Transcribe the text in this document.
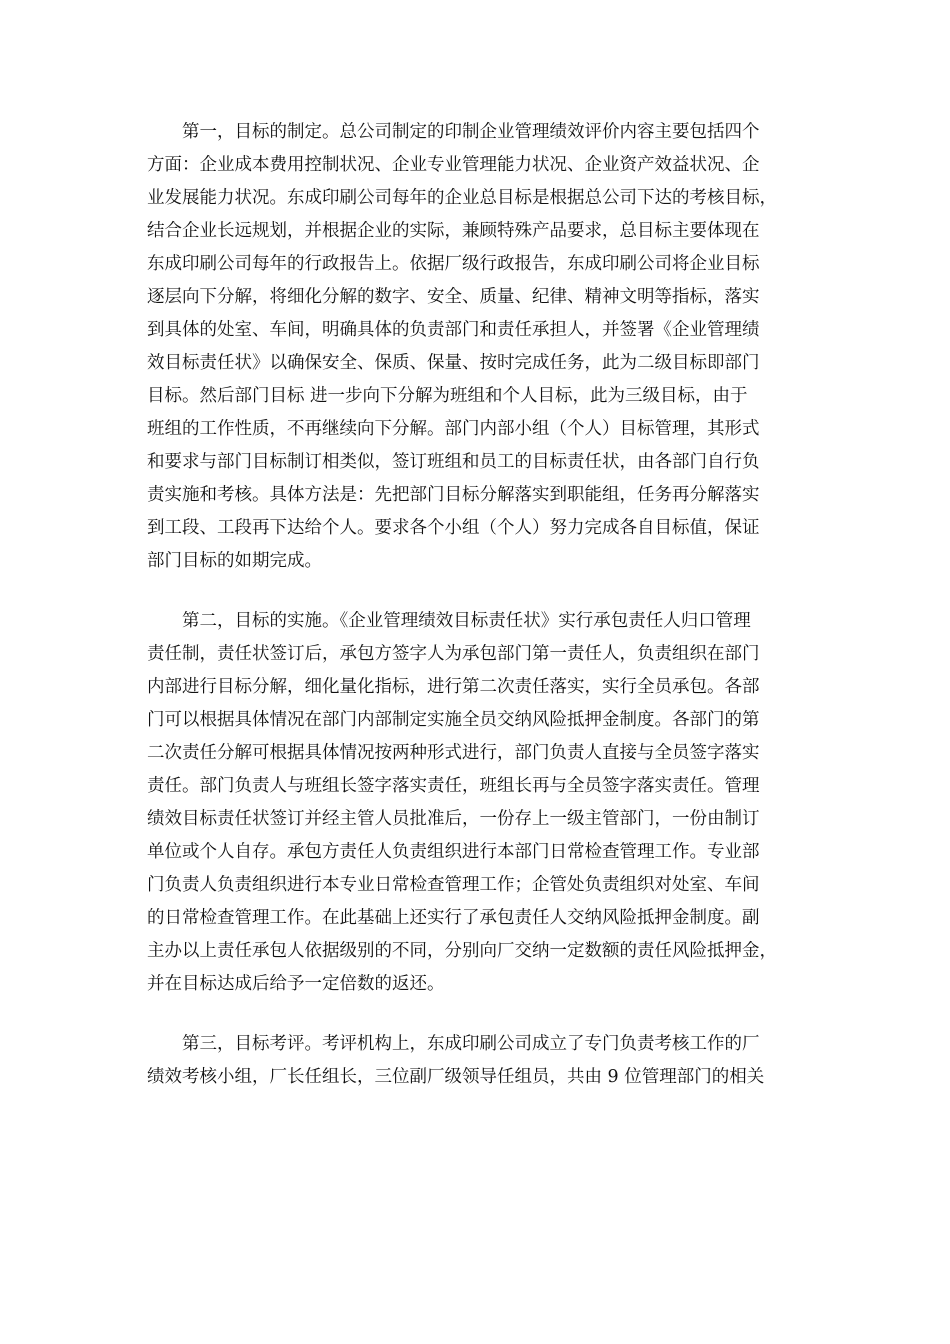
第一，目标的制定。总公司制定的印制企业管理绩效评价内容主要包括四个
方面：企业成本费用控制状况、企业专业管理能力状况、企业资产效益状况、企
业发展能力状况。东成印刷公司每年的企业总目标是根据总公司下达的考核目标，
结合企业长远规划，并根据企业的实际，兼顾特殊产品要求，总目标主要体现在
东成印刷公司每年的行政报告上。依据厂级行政报告，东成印刷公司将企业目标
逐层向下分解，将细化分解的数字、安全、质量、纪律、精神文明等指标，落实
到具体的处室、车间，明确具体的负责部门和责任承担人，并签署《企业管理绩
效目标责任状》以确保安全、保质、保量、按时完成任务，此为二级目标即部门
目标。然后部门目标 进一步向下分解为班组和个人目标，此为三级目标，由于
班组的工作性质，不再继续向下分解。部门内部小组（个人）目标管理，其形式
和要求与部门目标制订相类似，签订班组和员工的目标责任状，由各部门自行负
责实施和考核。具体方法是：先把部门目标分解落实到职能组，任务再分解落实
到工段、工段再下达给个人。要求各个小组（个人）努力完成各自目标值，保证
部门目标的如期完成。
第二，目标的实施。《企业管理绩效目标责任状》实行承包责任人归口管理
责任制，责任状签订后，承包方签字人为承包部门第一责任人，负责组织在部门
内部进行目标分解，细化量化指标，进行第二次责任落实，实行全员承包。各部
门可以根据具体情况在部门内部制定实施全员交纳风险抵押金制度。各部门的第
二次责任分解可根据具体情况按两种形式进行，部门负责人直接与全员签字落实
责任。部门负责人与班组长签字落实责任，班组长再与全员签字落实责任。管理
绩效目标责任状签订并经主管人员批准后，一份存上一级主管部门，一份由制订
单位或个人自存。承包方责任人负责组织进行本部门日常检查管理工作。专业部
门负责人负责组织进行本专业日常检查管理工作；企管处负责组织对处室、车间
的日常检查管理工作。在此基础上还实行了承包责任人交纳风险抵押金制度。副
主办以上责任承包人依据级别的不同，分别向厂交纳一定数额的责任风险抵押金，
并在目标达成后给予一定倍数的返还。
第三，目标考评。考评机构上，东成印刷公司成立了专门负责考核工作的厂
绩效考核小组，厂长任组长，三位副厂级领导任组员，共由 9 位管理部门的相关
